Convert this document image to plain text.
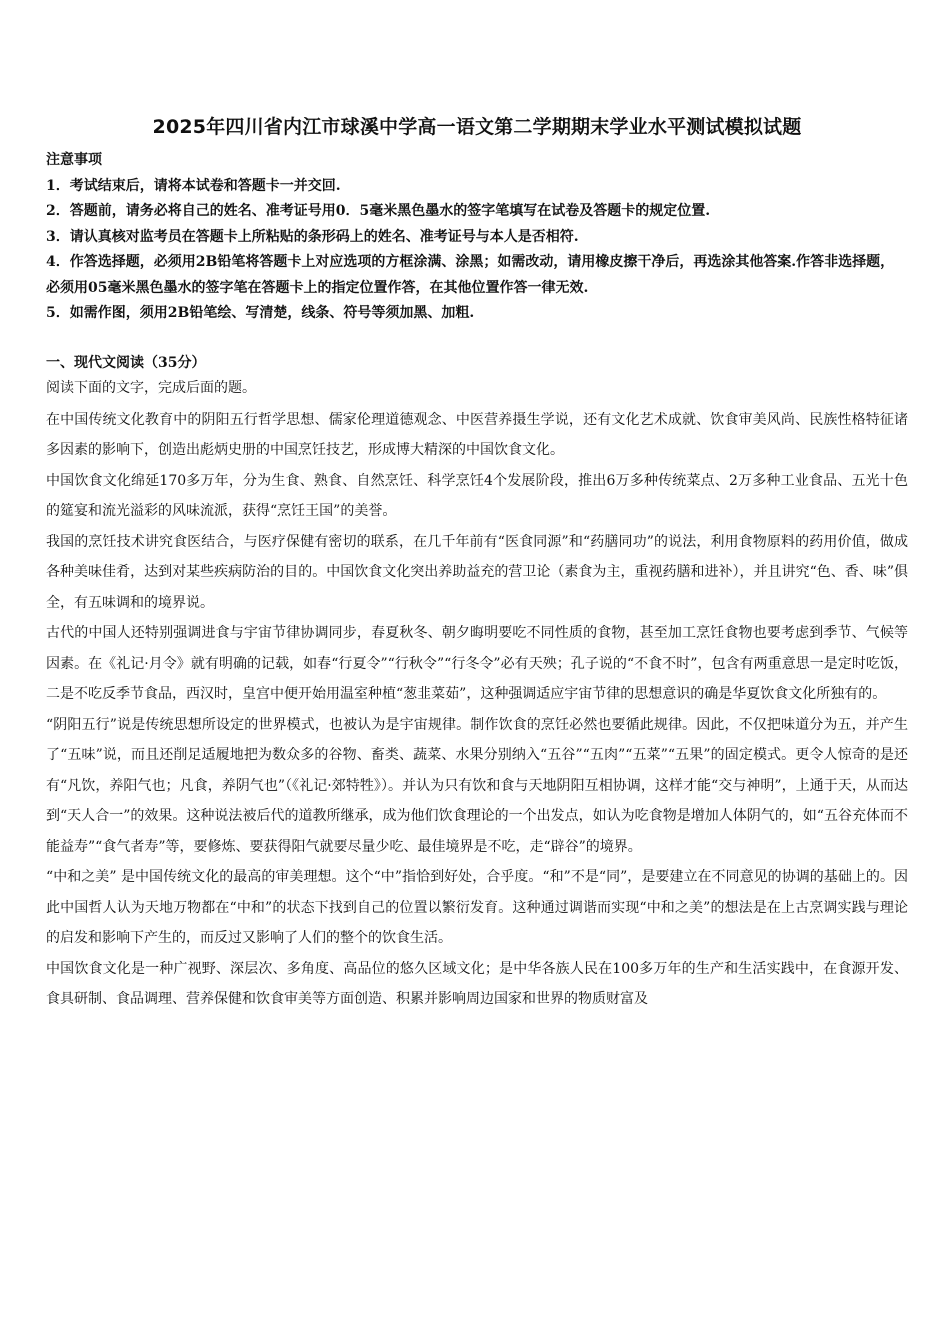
2025年四川省内江市球溪中学高一语文第二学期期末学业水平测试模拟试题

注意事项

1．考试结束后，请将本试卷和答题卡一并交回.

2．答题前，请务必将自己的姓名、准考证号用0．5毫米黑色墨水的签字笔填写在试卷及答题卡的规定位置.

3．请认真核对监考员在答题卡上所粘贴的条形码上的姓名、准考证号与本人是否相符.

4．作答选择题，必须用2B铅笔将答题卡上对应选项的方框涂满、涂黑；如需改动，请用橡皮擦干净后，再选涂其他答案.作答非选择题，必须用05毫米黑色墨水的签字笔在答题卡上的指定位置作答，在其他位置作答一律无效.

5．如需作图，须用2B铅笔绘、写清楚，线条、符号等须加黑、加粗.

一、现代文阅读（35分）

阅读下面的文字，完成后面的题。

在中国传统文化教育中的阴阳五行哲学思想、儒家伦理道德观念、中医营养摄生学说，还有文化艺术成就、饮食审美风尚、民族性格特征诸多因素的影响下，创造出彪炳史册的中国烹饪技艺，形成博大精深的中国饮食文化。

中国饮食文化绵延170多万年，分为生食、熟食、自然烹饪、科学烹饪4个发展阶段，推出6万多种传统菜点、2万多种工业食品、五光十色的筵宴和流光溢彩的风味流派，获得“烹饪王国”的美誉。

我国的烹饪技术讲究食医结合，与医疗保健有密切的联系，在几千年前有“医食同源”和“药膳同功”的说法，利用食物原料的药用价值，做成各种美味佳肴，达到对某些疾病防治的目的。中国饮食文化突出养助益充的营卫论（素食为主，重视药膳和进补），并且讲究“色、香、味”俱全，有五味调和的境界说。

古代的中国人还特别强调进食与宇宙节律协调同步，春夏秋冬、朝夕晦明要吃不同性质的食物，甚至加工烹饪食物也要考虑到季节、气候等因素。在《礼记·月令》就有明确的记载，如春“行夏令”“行秋令”“行冬令”必有天殃；孔子说的“不食不时”，包含有两重意思一是定时吃饭，二是不吃反季节食品，西汉时，皇宫中便开始用温室种植“葱韭菜茹”，这种强调适应宇宙节律的思想意识的确是华夏饮食文化所独有的。

“阴阳五行”说是传统思想所设定的世界模式，也被认为是宇宙规律。制作饮食的烹饪必然也要循此规律。因此，不仅把味道分为五，并产生了“五味”说，而且还削足适履地把为数众多的谷物、畜类、蔬菜、水果分别纳入“五谷”“五肉”“五菜”“五果”的固定模式。更令人惊奇的是还有“凡饮，养阳气也；凡食，养阴气也”（《礼记·郊特牲》）。并认为只有饮和食与天地阴阳互相协调，这样才能“交与神明”，上通于天，从而达到“天人合一”的效果。这种说法被后代的道教所继承，成为他们饮食理论的一个出发点，如认为吃食物是增加人体阴气的，如“五谷充体而不能益寿”“食气者寿”等，要修炼、要获得阳气就要尽量少吃、最佳境界是不吃，走“辟谷”的境界。

“中和之美” 是中国传统文化的最高的审美理想。这个“中”指恰到好处，合乎度。“和”不是“同”，是要建立在不同意见的协调的基础上的。因此中国哲人认为天地万物都在“中和”的状态下找到自己的位置以繁衍发育。这种通过调谐而实现“中和之美”的想法是在上古烹调实践与理论的启发和影响下产生的，而反过又影响了人们的整个的饮食生活。

中国饮食文化是一种广视野、深层次、多角度、高品位的悠久区域文化；是中华各族人民在100多万年的生产和生活实践中，在食源开发、食具研制、食品调理、营养保健和饮食审美等方面创造、积累并影响周边国家和世界的物质财富及
